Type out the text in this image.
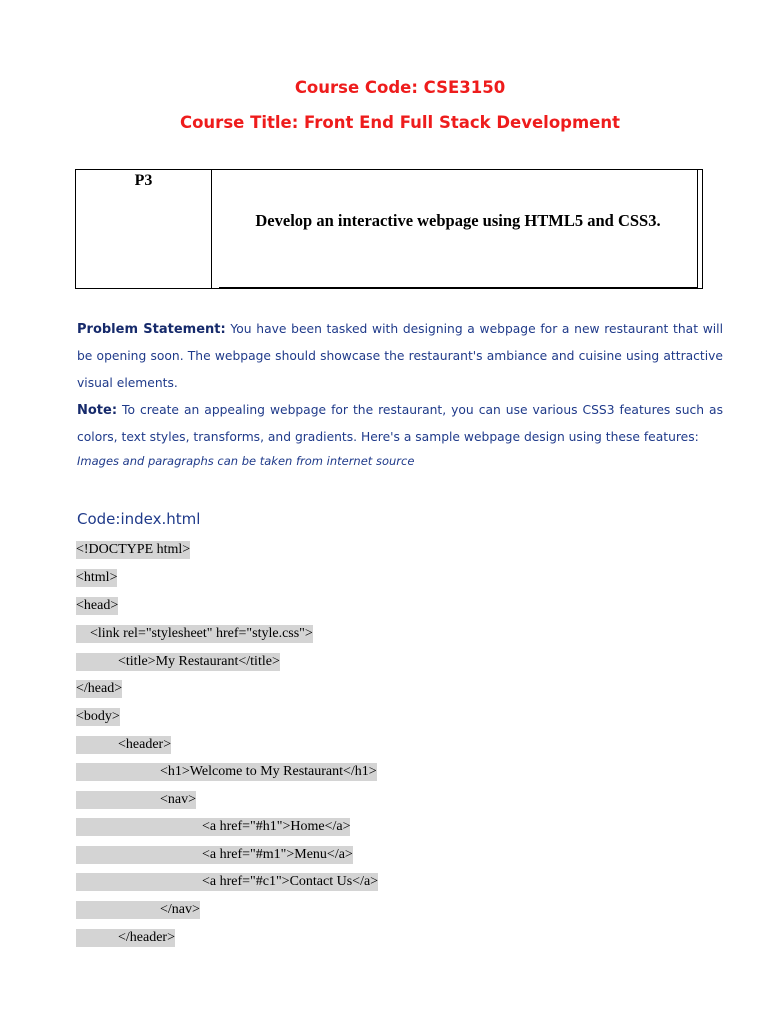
Course Code: CSE3150
Course Title: Front End Full Stack Development
P3
Develop an interactive webpage using HTML5 and CSS3.
Problem Statement: You have been tasked with designing a webpage for a new restaurant that will be opening soon. The webpage should showcase the restaurant's ambiance and cuisine using attractive visual elements.
Note: To create an appealing webpage for the restaurant, you can use various CSS3 features such as colors, text styles, transforms, and gradients. Here's a sample webpage design using these features:
Images and paragraphs can be taken from internet source
Code:index.html
<!DOCTYPE html>
<html>
<head>
<link rel="stylesheet" href="style.css">
<title>My Restaurant</title>
</head>
<body>
<header>
<h1>Welcome to My Restaurant</h1>
<nav>
<a href="#h1">Home</a>
<a href="#m1">Menu</a>
<a href="#c1">Contact Us</a>
</nav>
</header>
